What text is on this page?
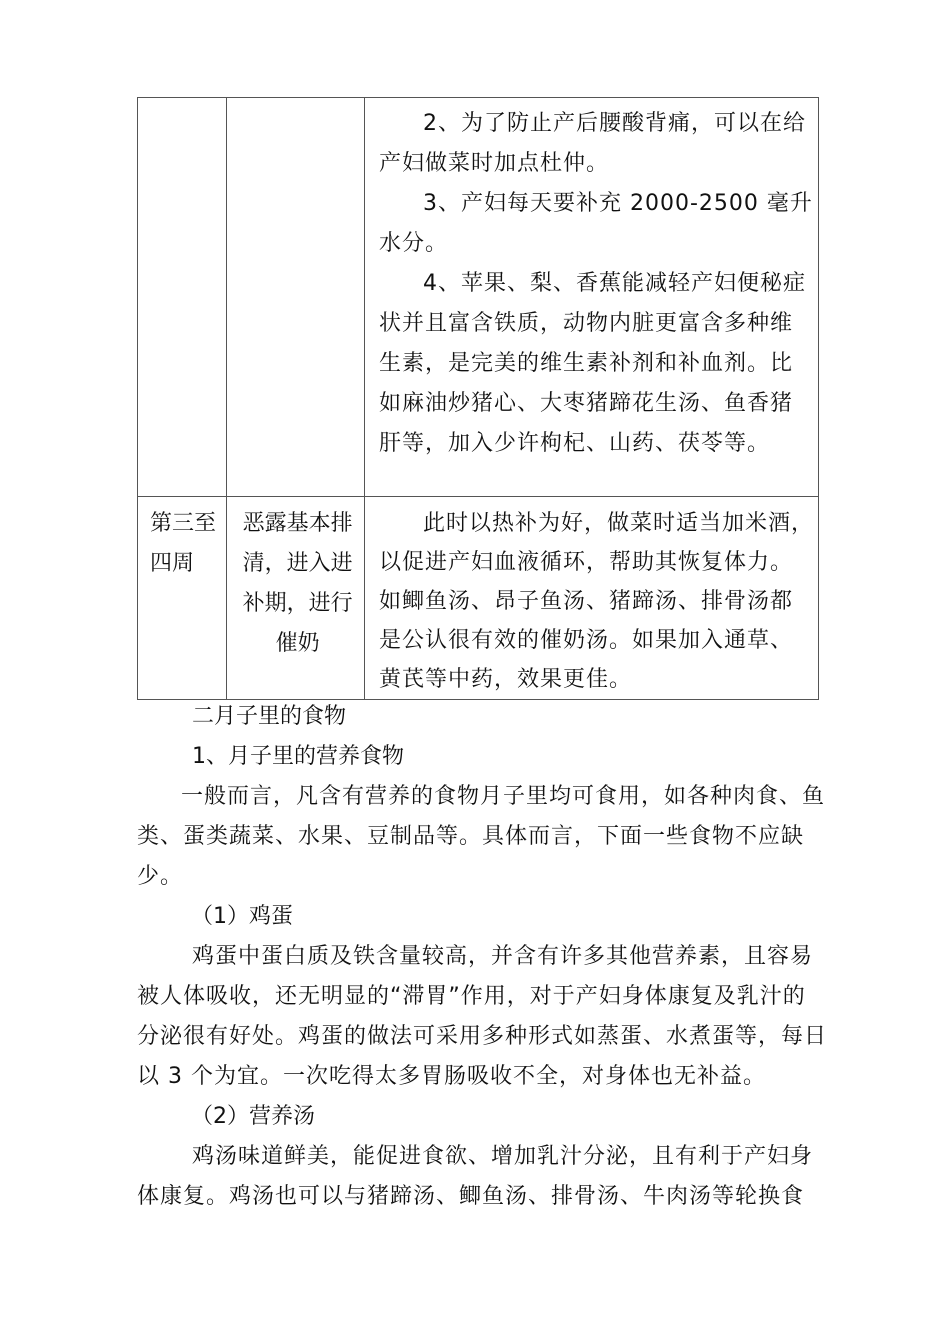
		2、为了防止产后腰酸背痛，可以在给产妇做菜时加点杜仲。

3、产妇每天要补充 2000-2500 毫升水分。

4、苹果、梨、香蕉能减轻产妇便秘症状并且富含铁质，动物内脏更富含多种维生素，是完美的维生素补剂和补血剂。比如麻油炒猪心、大枣猪蹄花生汤、鱼香猪肝等，加入少许枸杞、山药、茯苓等。

第三至四周	恶露基本排清，进入进补期，进行催奶	此时以热补为好，做菜时适当加米酒，以促进产妇血液循环，帮助其恢复体力。如鲫鱼汤、昂子鱼汤、猪蹄汤、排骨汤都是公认很有效的催奶汤。如果加入通草、黄芪等中药，效果更佳。

二月子里的食物

1、月子里的营养食物

一般而言，凡含有营养的食物月子里均可食用，如各种肉食、鱼类、蛋类蔬菜、水果、豆制品等。具体而言，下面一些食物不应缺少。

（1）鸡蛋

鸡蛋中蛋白质及铁含量较高，并含有许多其他营养素，且容易被人体吸收，还无明显的“滞胃”作用，对于产妇身体康复及乳汁的分泌很有好处。鸡蛋的做法可采用多种形式如蒸蛋、水煮蛋等，每日以 3 个为宜。一次吃得太多胃肠吸收不全，对身体也无补益。

（2）营养汤

鸡汤味道鲜美，能促进食欲、增加乳汁分泌，且有利于产妇身体康复。鸡汤也可以与猪蹄汤、鲫鱼汤、排骨汤、牛肉汤等轮换食
